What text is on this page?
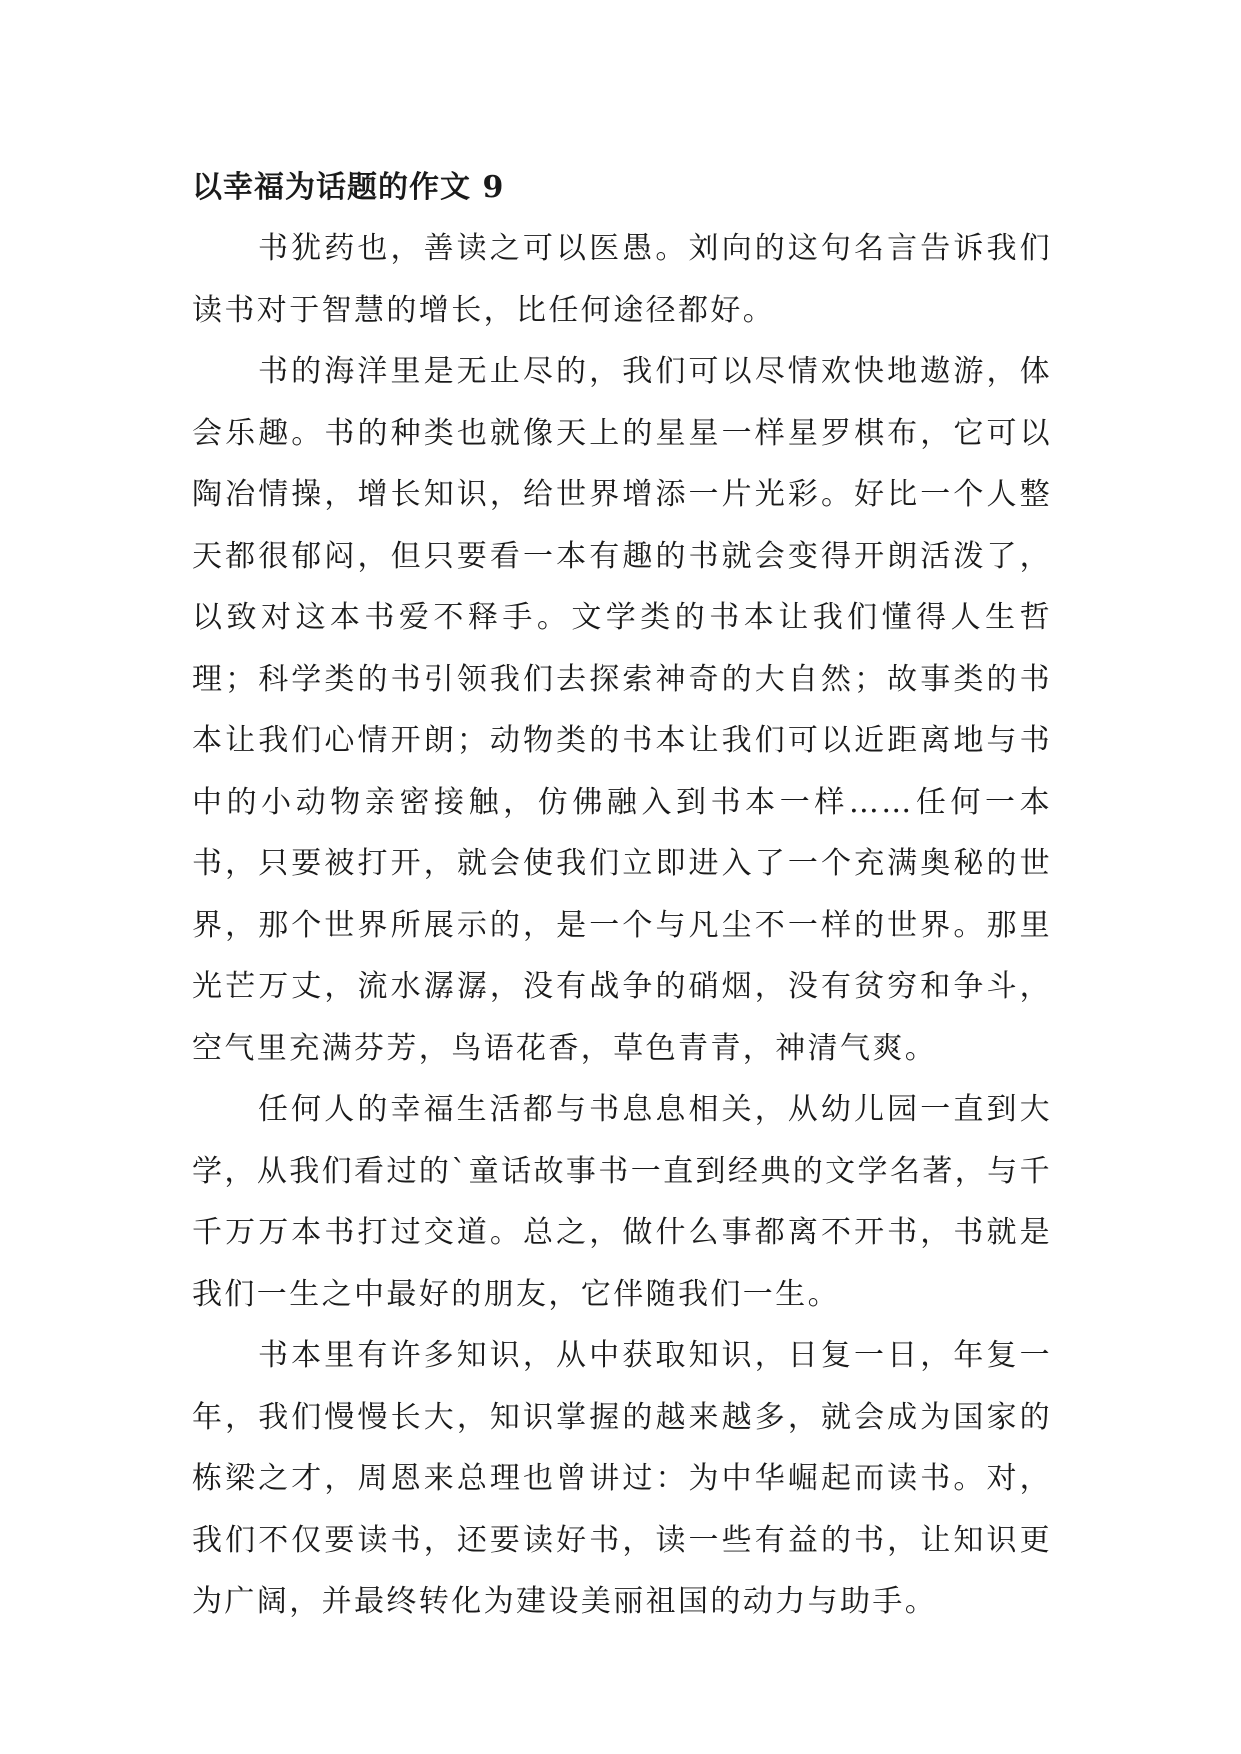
以幸福为话题的作文 9

书犹药也，善读之可以医愚。刘向的这句名言告诉我们读书对于智慧的增长，比任何途径都好。

书的海洋里是无止尽的，我们可以尽情欢快地遨游，体会乐趣。书的种类也就像天上的星星一样星罗棋布，它可以陶冶情操，增长知识，给世界增添一片光彩。好比一个人整天都很郁闷，但只要看一本有趣的书就会变得开朗活泼了，以致对这本书爱不释手。文学类的书本让我们懂得人生哲理；科学类的书引领我们去探索神奇的大自然；故事类的书本让我们心情开朗；动物类的书本让我们可以近距离地与书中的小动物亲密接触，仿佛融入到书本一样……任何一本书，只要被打开，就会使我们立即进入了一个充满奥秘的世界，那个世界所展示的，是一个与凡尘不一样的世界。那里光芒万丈，流水潺潺，没有战争的硝烟，没有贫穷和争斗，空气里充满芬芳，鸟语花香，草色青青，神清气爽。

任何人的幸福生活都与书息息相关，从幼儿园一直到大学，从我们看过的`童话故事书一直到经典的文学名著，与千千万万本书打过交道。总之，做什么事都离不开书，书就是我们一生之中最好的朋友，它伴随我们一生。

书本里有许多知识，从中获取知识，日复一日，年复一年，我们慢慢长大，知识掌握的越来越多，就会成为国家的栋梁之才，周恩来总理也曾讲过：为中华崛起而读书。对，我们不仅要读书，还要读好书，读一些有益的书，让知识更为广阔，并最终转化为建设美丽祖国的动力与助手。
